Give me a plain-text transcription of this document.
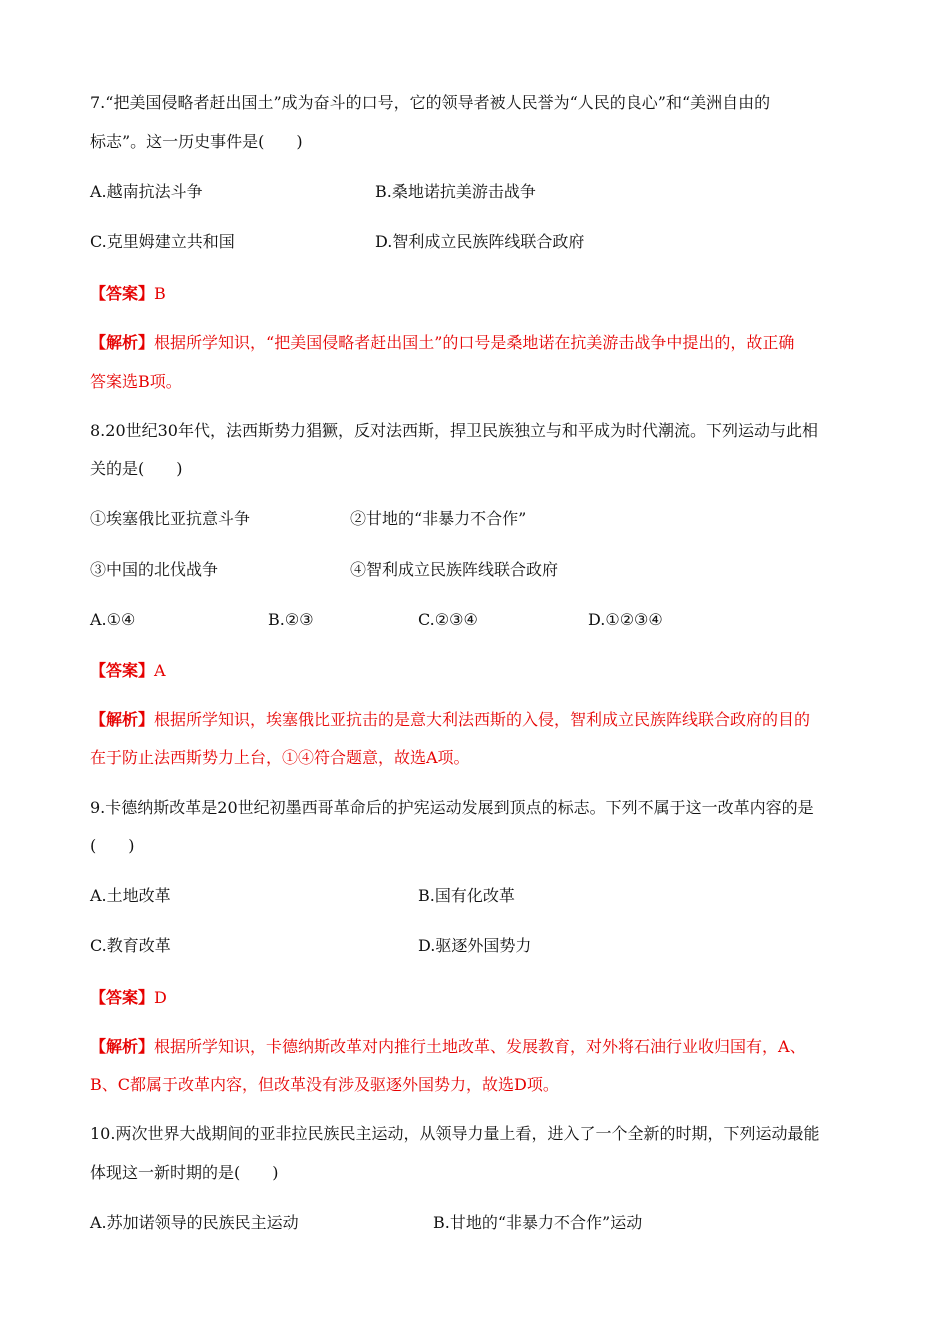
7.“把美国侵略者赶出国土”成为奋斗的口号，它的领导者被人民誉为“人民的良心”和“美洲自由的
标志”。这一历史事件是(　　)
A.越南抗法斗争	B.桑地诺抗美游击战争
C.克里姆建立共和国	D.智利成立民族阵线联合政府
【答案】B
【解析】根据所学知识，“把美国侵略者赶出国土”的口号是桑地诺在抗美游击战争中提出的，故正确
答案选B项。
8.20世纪30年代，法西斯势力猖獗，反对法西斯，捍卫民族独立与和平成为时代潮流。下列运动与此相
关的是(　　)
①埃塞俄比亚抗意斗争	②甘地的“非暴力不合作”
③中国的北伐战争	④智利成立民族阵线联合政府
A.①④	B.②③	C.②③④	D.①②③④
【答案】A
【解析】根据所学知识，埃塞俄比亚抗击的是意大利法西斯的入侵，智利成立民族阵线联合政府的目的
在于防止法西斯势力上台，①④符合题意，故选A项。
9.卡德纳斯改革是20世纪初墨西哥革命后的护宪运动发展到顶点的标志。下列不属于这一改革内容的是
(　　)
A.土地改革	B.国有化改革
C.教育改革	D.驱逐外国势力
【答案】D
【解析】根据所学知识，卡德纳斯改革对内推行土地改革、发展教育，对外将石油行业收归国有，A、
B、C都属于改革内容，但改革没有涉及驱逐外国势力，故选D项。
10.两次世界大战期间的亚非拉民族民主运动，从领导力量上看，进入了一个全新的时期，下列运动最能
体现这一新时期的是(　　)
A.苏加诺领导的民族民主运动	B.甘地的“非暴力不合作”运动
